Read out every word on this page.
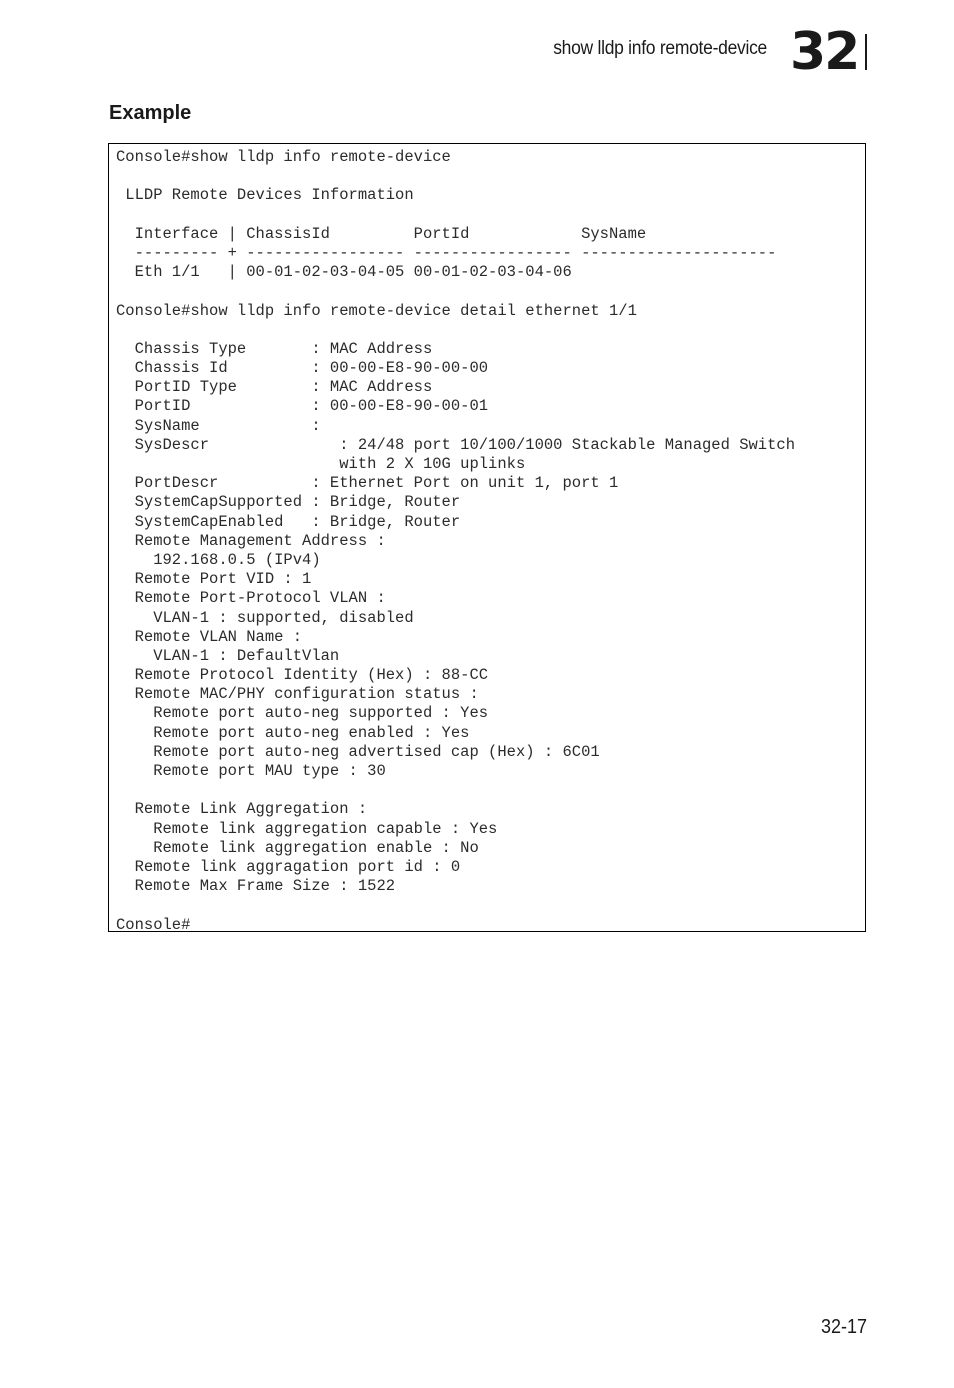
show lldp info remote-device 32
Example
Console#show lldp info remote-device
LLDP Remote Devices Information
Interface | ChassisId         PortId            SysName
--------- + ----------------- ----------------- ---------------------
Eth 1/1   | 00-01-02-03-04-05 00-01-02-03-04-06
Console#show lldp info remote-device detail ethernet 1/1
Chassis Type       : MAC Address
Chassis Id         : 00-00-E8-90-00-00
PortID Type        : MAC Address
PortID             : 00-00-E8-90-00-01
SysName            :
SysDescr              : 24/48 port 10/100/1000 Stackable Managed Switch
with 2 X 10G uplinks
PortDescr          : Ethernet Port on unit 1, port 1
SystemCapSupported : Bridge, Router
SystemCapEnabled   : Bridge, Router
Remote Management Address :
192.168.0.5 (IPv4)
Remote Port VID : 1
Remote Port-Protocol VLAN :
VLAN-1 : supported, disabled
Remote VLAN Name :
VLAN-1 : DefaultVlan
Remote Protocol Identity (Hex) : 88-CC
Remote MAC/PHY configuration status :
Remote port auto-neg supported : Yes
Remote port auto-neg enabled : Yes
Remote port auto-neg advertised cap (Hex) : 6C01
Remote port MAU type : 30
Remote Link Aggregation :
Remote link aggregation capable : Yes
Remote link aggregation enable : No
Remote link aggragation port id : 0
Remote Max Frame Size : 1522
Console#
32-17
